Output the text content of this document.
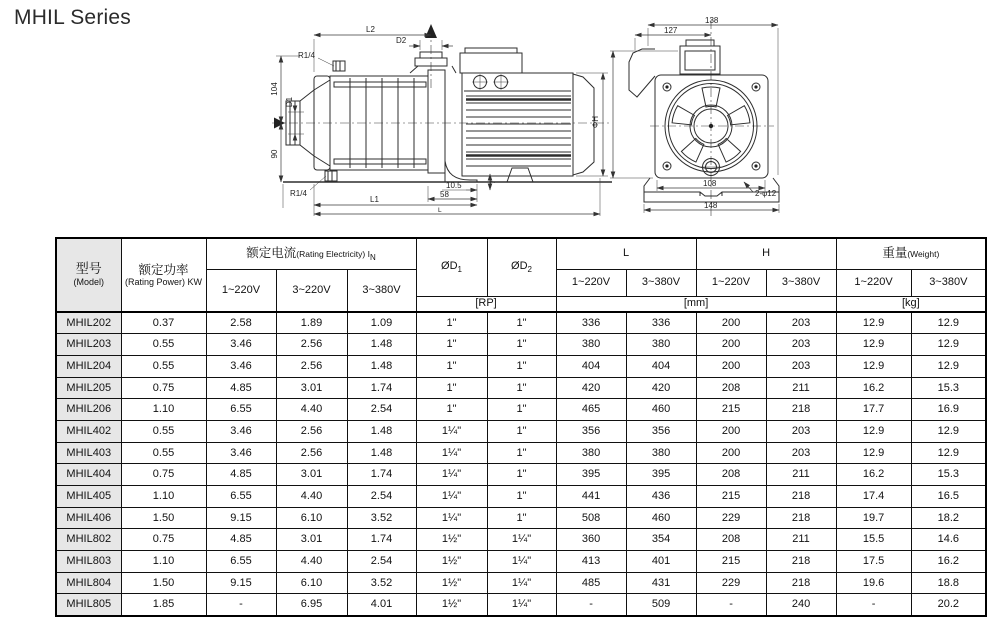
MHIL Series
R1/4
R1/4
L2
D2
104
90
D1
ΦH
10.5
58
7
L1
L
138
127
108
148
2-φ12
型号
(Model)

额定功率
(Rating Power) KW
	额定电流(Rating Electricity) $I_N$	$ØD_1$	$ØD_2$	L	H	重量(Weight)
		1~220V	3~220V	3~380V			1~220V	3~380V	1~220V	3~380V	1~220V	3~380V
					[RP]		[mm]				[kg]	
MHIL202	0.37	2.58	1.89	1.09	1"	1"	336	336	200	203	12.9	12.9
MHIL203	0.55	3.46	2.56	1.48	1"	1"	380	380	200	203	12.9	12.9
MHIL204	0.55	3.46	2.56	1.48	1"	1"	404	404	200	203	12.9	12.9
MHIL205	0.75	4.85	3.01	1.74	1"	1"	420	420	208	211	16.2	15.3
MHIL206	1.10	6.55	4.40	2.54	1"	1"	465	460	215	218	17.7	16.9
MHIL402	0.55	3.46	2.56	1.48	1¼"	1"	356	356	200	203	12.9	12.9
MHIL403	0.55	3.46	2.56	1.48	1¼"	1"	380	380	200	203	12.9	12.9
MHIL404	0.75	4.85	3.01	1.74	1¼"	1"	395	395	208	211	16.2	15.3
MHIL405	1.10	6.55	4.40	2.54	1¼"	1"	441	436	215	218	17.4	16.5
MHIL406	1.50	9.15	6.10	3.52	1¼"	1"	508	460	229	218	19.7	18.2
MHIL802	0.75	4.85	3.01	1.74	1½"	1¼"	360	354	208	211	15.5	14.6
MHIL803	1.10	6.55	4.40	2.54	1½"	1¼"	413	401	215	218	17.5	16.2
MHIL804	1.50	9.15	6.10	3.52	1½"	1¼"	485	431	229	218	19.6	18.8
MHIL805	1.85	-	6.95	4.01	1½"	1¼"	-	509	-	240	-	20.2
